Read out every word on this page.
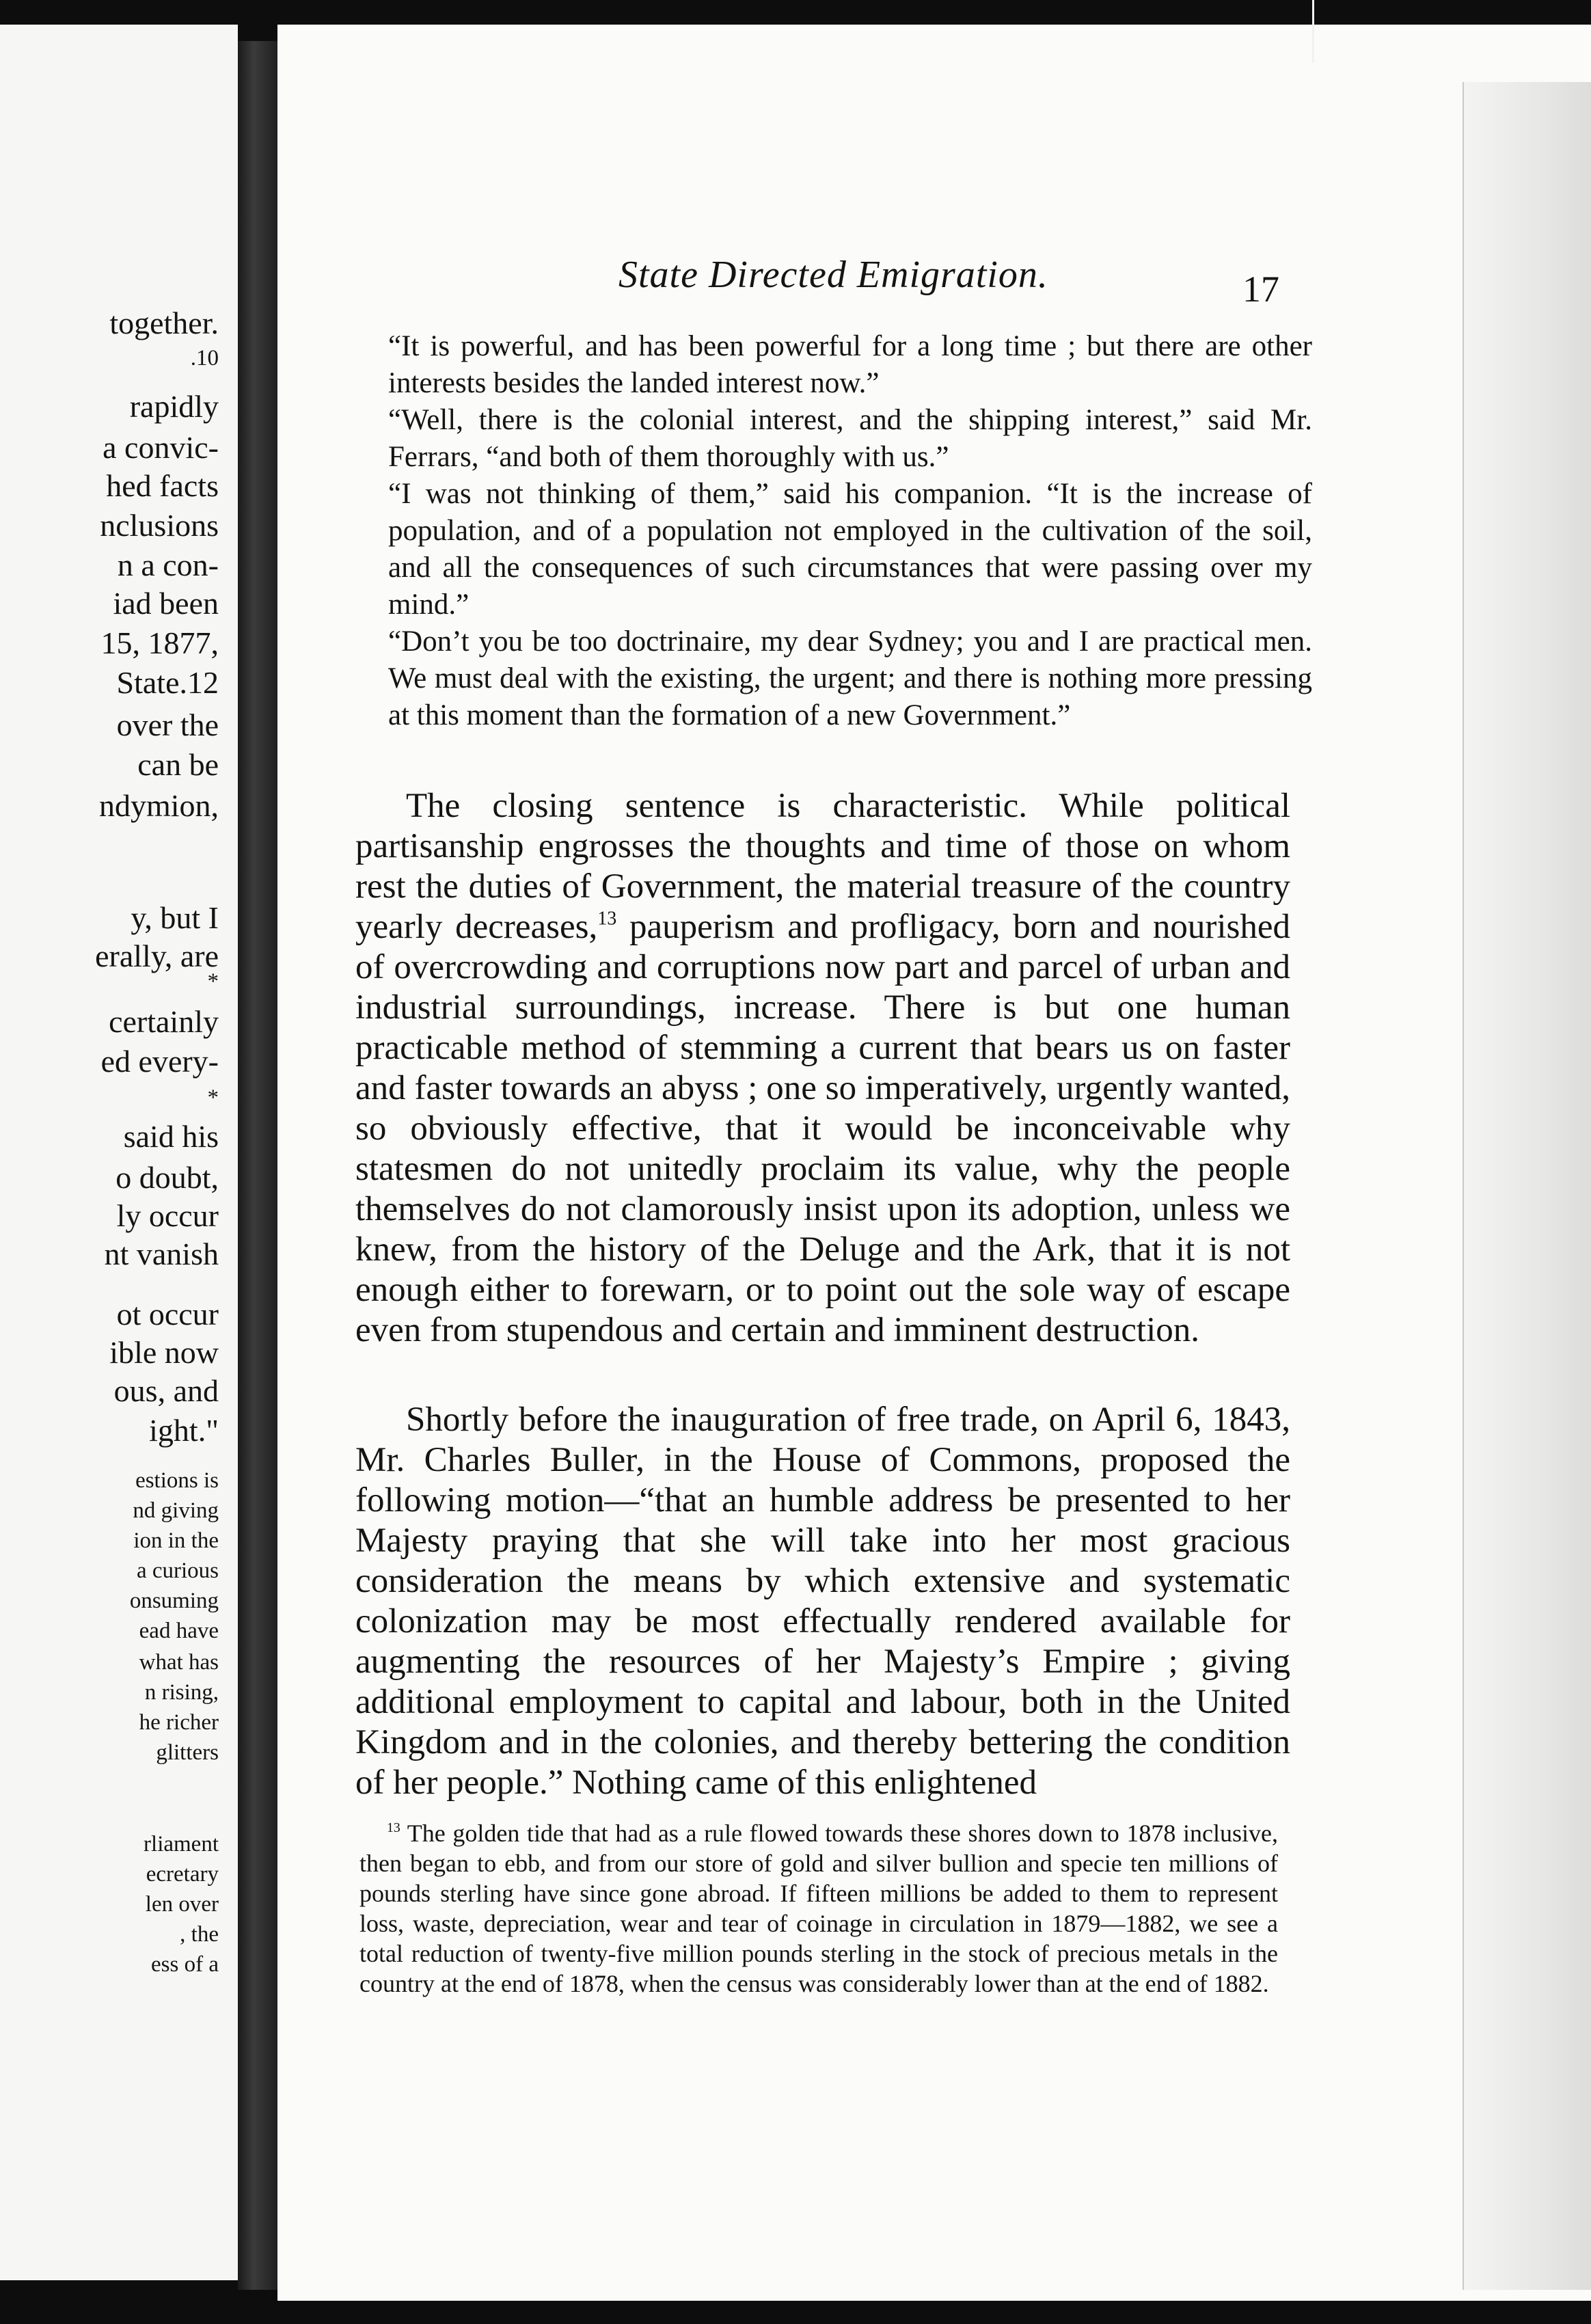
together.
.10
rapidly
a convic-
hed facts
nclusions
n a con-
iad been
15, 1877,
State.12
over the
can be
ndymion,
y, but I
erally, are
*
certainly
ed every-
*
said his
o doubt,
ly occur
nt vanish
ot occur
ible now
ous, and
ight."
estions is
nd giving
ion in the
a curious
onsuming
ead have
what has
n rising,
he richer
glitters
rliament
ecretary
len over
, the
ess of a
State Directed Emigration.	17
“It is powerful, and has been powerful for a long time ; but there are other interests besides the landed interest now.”
“Well, there is the colonial interest, and the shipping interest,” said Mr. Ferrars, “and both of them thoroughly with us.”
“I was not thinking of them,” said his companion. “It is the increase of population, and of a population not employed in the cultivation of the soil, and all the consequences of such circumstances that were passing over my mind.”
“Don’t you be too doctrinaire, my dear Sydney; you and I are practical men. We must deal with the existing, the urgent; and there is nothing more pressing at this moment than the formation of a new Government.”
The closing sentence is characteristic. While political partisanship engrosses the thoughts and time of those on whom rest the duties of Government, the material treasure of the country yearly decreases,$^{13}$ pauperism and profligacy, born and nourished of overcrowding and corruptions now part and parcel of urban and industrial surroundings, increase. There is but one human practicable method of stemming a current that bears us on faster and faster towards an abyss ; one so imperatively, urgently wanted, so obviously effective, that it would be inconceivable why statesmen do not unitedly proclaim its value, why the people themselves do not clamorously insist upon its adoption, unless we knew, from the history of the Deluge and the Ark, that it is not enough either to forewarn, or to point out the sole way of escape even from stupendous and certain and imminent destruction.
Shortly before the inauguration of free trade, on April 6, 1843, Mr. Charles Buller, in the House of Commons, proposed the following motion—“that an humble address be presented to her Majesty praying that she will take into her most gracious consideration the means by which extensive and systematic colonization may be most effectually rendered available for augmenting the resources of her Majesty’s Empire ; giving additional employment to capital and labour, both in the United Kingdom and in the colonies, and thereby bettering the condition of her people.” Nothing came of this enlightened
$^{13}$ The golden tide that had as a rule flowed towards these shores down to 1878 inclusive, then began to ebb, and from our store of gold and silver bullion and specie ten millions of pounds sterling have since gone abroad. If fifteen millions be added to them to represent loss, waste, depreciation, wear and tear of coinage in circulation in 1879—1882, we see a total reduction of twenty-five million pounds sterling in the stock of precious metals in the country at the end of 1878, when the census was considerably lower than at the end of 1882.
